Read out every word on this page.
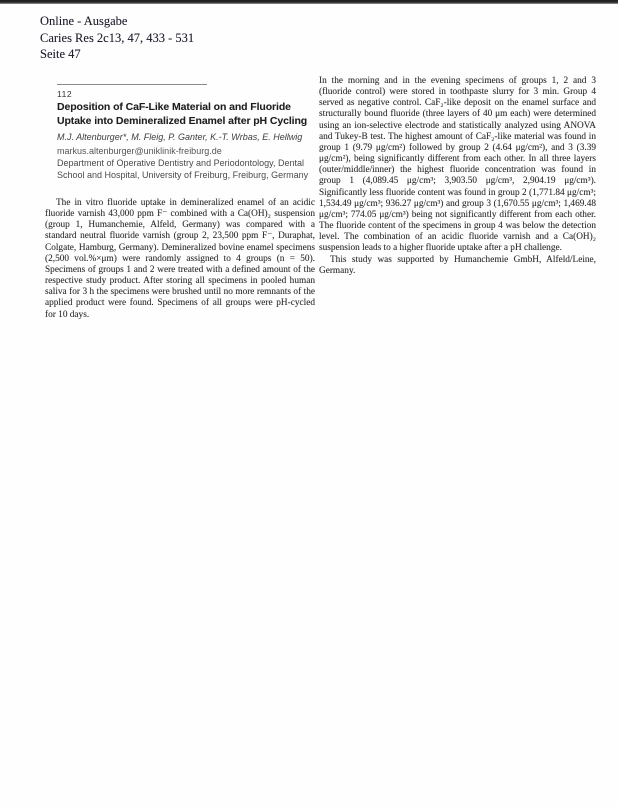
Online - Ausgabe
Caries Res 2c13, 47, 433 - 531
Seite 47
112
Deposition of CaF-Like Material on and Fluoride Uptake into Demineralized Enamel after pH Cycling
M.J. Altenburger*, M. Fleig, P. Ganter, K.-T. Wrbas, E. Hellwig
markus.altenburger@uniklinik-freiburg.de
Department of Operative Dentistry and Periodontology, Dental School and Hospital, University of Freiburg, Freiburg, Germany
The in vitro fluoride uptake in demineralized enamel of an acidic fluoride varnish 43,000 ppm F⁻ combined with a Ca(OH)₂ suspension (group 1, Humanchemie, Alfeld, Germany) was compared with a standard neutral fluoride varnish (group 2, 23,500 ppm F⁻, Duraphat, Colgate, Hamburg, Germany). Demineralized bovine enamel specimens (2,500 vol.%×μm) were randomly assigned to 4 groups (n = 50). Specimens of groups 1 and 2 were treated with a defined amount of the respective study product. After storing all specimens in pooled human saliva for 3 h the specimens were brushed until no more remnants of the applied product were found. Specimens of all groups were pH-cycled for 10 days.
In the morning and in the evening specimens of groups 1, 2 and 3 (fluoride control) were stored in toothpaste slurry for 3 min. Group 4 served as negative control. CaF₂-like deposit on the enamel surface and structurally bound fluoride (three layers of 40 μm each) were determined using an ion-selective electrode and statistically analyzed using ANOVA and Tukey-B test. The highest amount of CaF₂-like material was found in group 1 (9.79 μg/cm²) followed by group 2 (4.64 μg/cm²), and 3 (3.39 μg/cm²), being significantly different from each other. In all three layers (outer/middle/inner) the highest fluoride concentration was found in group 1 (4,089.45 μg/cm³; 3,903.50 μg/cm³, 2,904.19 μg/cm³). Significantly less fluoride content was found in group 2 (1,771.84 μg/cm³; 1,534.49 μg/cm³; 936.27 μg/cm³) and group 3 (1,670.55 μg/cm³; 1,469.48 μg/cm³; 774.05 μg/cm³) being not significantly different from each other. The fluoride content of the specimens in group 4 was below the detection level. The combination of an acidic fluoride varnish and a Ca(OH)₂ suspension leads to a higher fluoride uptake after a pH challenge.
This study was supported by Humanchemie GmbH, Alfeld/Leine, Germany.
